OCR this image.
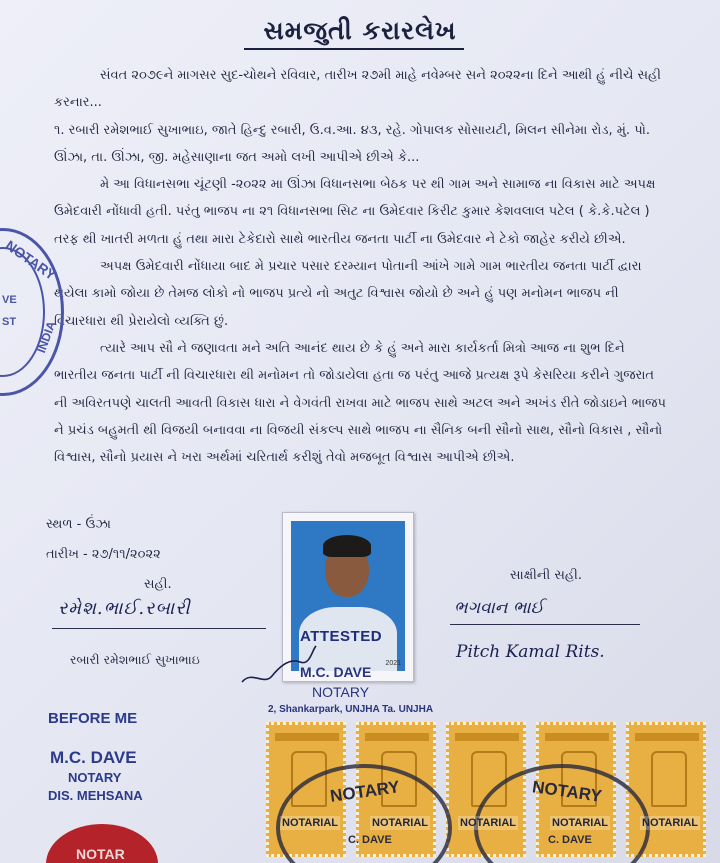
સમજુતી કરારલેખ

સંવત ૨૦૭૯ને માગસર સુદ-ચોથને રવિવાર, તારીખ ૨૭મી માહે નવેમ્બર સને ૨૦૨૨ના દિને આથી હું નીચે સહી કરનાર...

૧. રબારી રમેશભાઈ સુખાભાઇ, જાતે હિન્દુ રબારી, ઉ.વ.આ. ૪૩, રહે. ગોપાલક સોસાયટી, મિલન સીનેમા રોડ, મું. પો. ઊંઝા, તા. ઊંઝા, જી. મહેસાણાના જત અમો લખી આપીએ છીએ કે...

મે આ વિધાનસભા ચૂંટણી -૨૦૨૨ મા ઊંઝા વિધાનસભા બેઠક પર થી ગામ અને સામાજ ના વિકાસ માટે અપક્ષ ઉમેદવારી નોંધાવી હતી. પરંતુ ભાજપ ના ૨૧ વિધાનસભા સિટ ના ઉમેદવાર કિરીટ કુમાર કેશવલાલ પટેલ ( કે.કે.પટેલ ) તરફ થી ખાતરી મળતા હું તથા મારા ટેકેદારો સાથે ભારતીય જનતા પાર્ટી ના ઉમેદવાર ને ટેકો જાહેર કરીયે છીએ.

અપક્ષ ઉમેદવારી નોંધાયા બાદ મે પ્રચાર પસાર દરમ્યાન પોતાની આંખે ગામે ગામ ભારતીય જનતા પાર્ટી દ્વારા થયેલા કામો જોયા છે તેમજ લોકો નો ભાજપ પ્રત્યે નો અતુટ વિશ્વાસ જોયો છે અને હું પણ મનોમન ભાજપ ની વિચારધારા થી પ્રેરાયેલો વ્યક્તિ છું.

ત્યારે આપ સૌ ને જણાવતા મને અતિ આનંદ થાય છે કે હું અને મારા કાર્યકર્તા મિત્રો આજ ના શુભ દિને ભારતીય જનતા પાર્ટી ની વિચારધારા થી મનોમન તો જોડાયેલા હતા જ પરંતુ આજે પ્રત્યક્ષ રૂપે કેસરિયા કરીને ગુજરાત ની અવિરતપણે ચાલતી આવતી વિકાસ ધારા ને વેગવંતી રાખવા માટે ભાજપ સાથે અટલ અને અખંડ રીતે જોડાઇને ભાજપ ને પ્રચંડ બહુમતી થી વિજયી બનાવવા ના વિજયી સંકલ્પ સાથે ભાજપ ના સૈનિક બની સૌનો સાથ, સૌનો વિકાસ , સૌનો વિશ્વાસ, સૌનો પ્રયાસ ને ખરા અર્થમાં ચરિતાર્થ કરીશું તેવો મજબૂત વિશ્વાસ આપીએ છીએ.

સ્થળ - ઉંઝા
તારીખ - ૨૭/૧૧/૨૦૨૨
સહી.
રમેશ.ભાઈ.રબારી
રબારી રમેશભાઈ સુખાભાઇ	2021
ATTESTED
M.C. DAVE
NOTARY
2, Shankarpark, UNJHA Ta. UNJHA
સાક્ષીની સહી.
ભગવાન ભાઈ
Pitch Kamal Rits.
BEFORE ME
M.C. DAVE
NOTARY
DIS. MEHSANA
NOTARY
INDIA
VE
ST
NOTAR
NOTARY	NOTARY
C. DAVE	C. DAVE
NOTARIAL	NOTARIAL	NOTARIAL	NOTARIAL	NOTARIAL
